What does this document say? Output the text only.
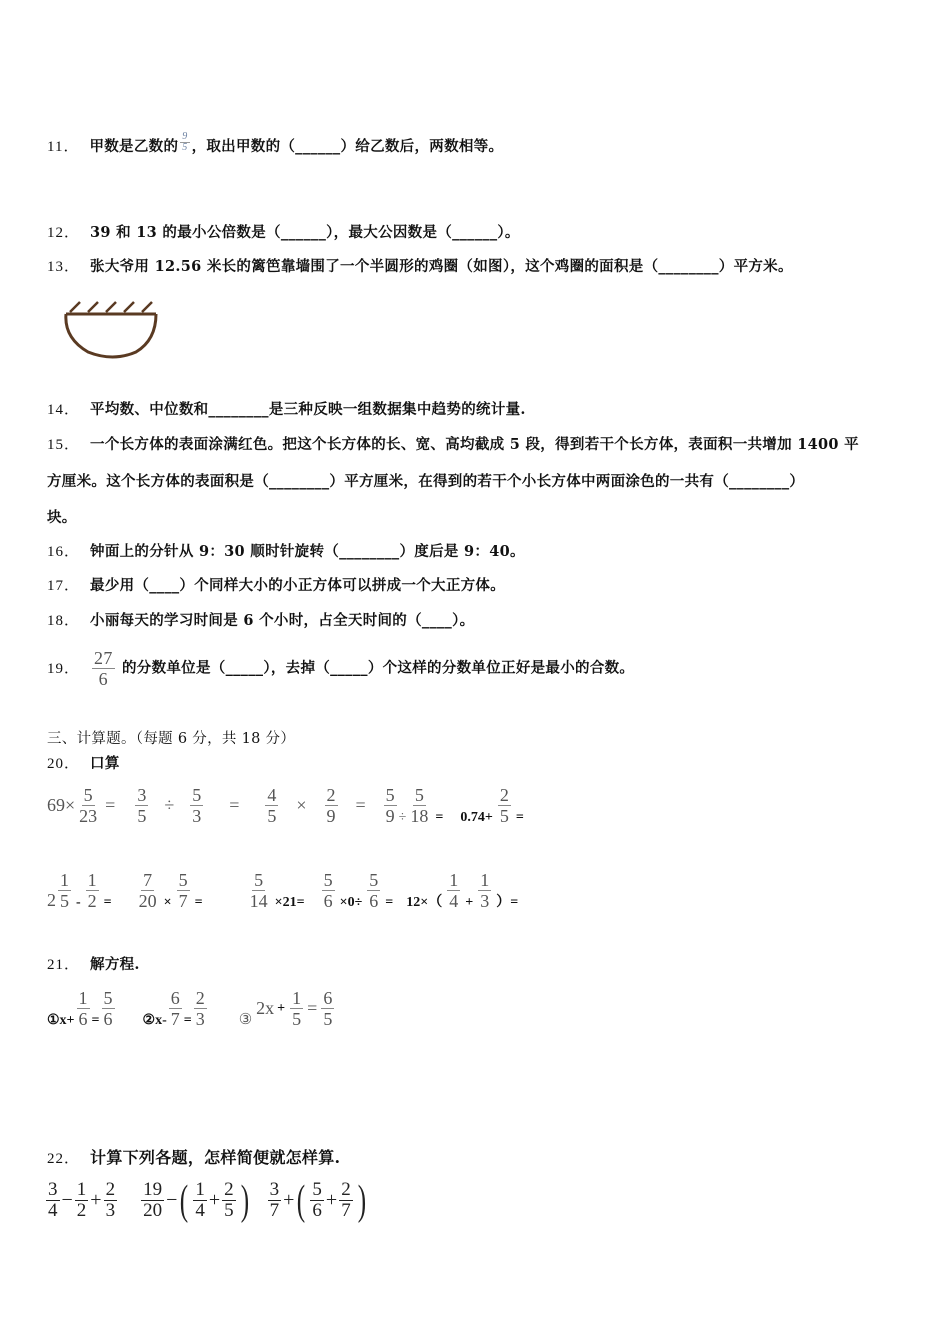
11． 甲数是乙数的 $\frac{9}{5}$ ，取出甲数的（______）给乙数后，两数相等。
12． 39 和 13 的最小公倍数是（______），最大公因数是（______）。
13． 张大爷用 12.56 米长的篱笆靠墙围了一个半圆形的鸡圈（如图），这个鸡圈的面积是（________）平方米。
14． 平均数、中位数和________是三种反映一组数据集中趋势的统计量.
15． 一个长方体的表面涂满红色。把这个长方体的长、宽、高均截成 5 段，得到若干个长方体，表面积一共增加 1400 平
方厘米。这个长方体的表面积是（________）平方厘米，在得到的若干个小长方体中两面涂色的一共有（________）
块。
16． 钟面上的分针从 9：30 顺时针旋转（________）度后是 9：40。
17． 最少用（____）个同样大小的小正方体可以拼成一个大正方体。
18． 小丽每天的学习时间是 6 个小时，占全天时间的（____）。
19． $\frac{27}{6}$ 的分数单位是（_____），去掉（_____）个这样的分数单位正好是最小的合数。
三、计算题。（每题 6 分，共 18 分）
20． 口算
$69 \times \frac{5}{23} = \frac{3}{5} \div \frac{5}{3} = \frac{4}{5} \times \frac{2}{9} = \frac{5}{9} \div \frac{5}{18} = 0.74+ \frac{2}{5}$ =
$2 \frac{1}{5} - \frac{1}{2} = \frac{7}{20} \times \frac{5}{7}$ =	$\frac{5}{14} \times 21= \frac{5}{6} \times 0\div \frac{5}{6} = 12\times( \frac{1}{4} + \frac{1}{3}$ ）=
21． 解方程.
①x+ $\frac{1}{6} = \frac{5}{6}$ ②x- $\frac{6}{7} = \frac{2}{3}$ ③
$2x + \frac{1}{5} = \frac{6}{5}$
22． 计算下列各题，怎样简便就怎样算.
$\frac{3}{4} - \frac{1}{2} + \frac{2}{3} \frac{19}{20}$ − ( $\frac{1}{4} + \frac{2}{5}$ ) $\frac{3}{7}$ + ( $\frac{5}{6} + \frac{2}{7}$ )
